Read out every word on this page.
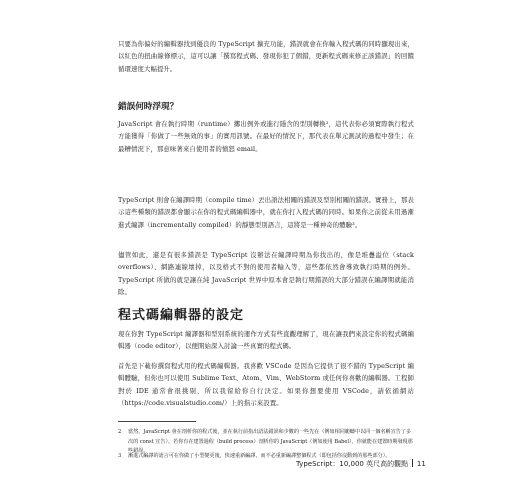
只要為你偏好的編輯器找到優良的 TypeScript 擴充功能，錯誤就會在你輸入程式碼的同時顯現出來，以紅色的扭曲線條標示，這可以讓「撰寫程式碼、發現你犯了個錯，更新程式碼來修正該錯誤」的回饋循環速度大幅提升。

錯誤何時浮現？

JavaScript 會在執行時期（runtime）擲出例外或進行隱含的型別轉換²，這代表你必須實際執行程式方能獲得「你做了一些無效的事」的實用訊號。在最好的情況下，那代表在單元測試的過程中發生；在最糟情況下，那意味著來自使用者的憤怒 email。

TypeScript 則會在編譯時期（compile time）丟出語法相關的錯誤及型別相關的錯誤。實務上，那表示這些種類的錯誤都會顯示在你的程式碼編輯器中，就在你打入程式碼的同時。如果你之前從未用過漸進式編譯（incrementally compiled）的靜態型別語言，這將是一種神奇的體驗³。

儘管如此，還是有很多錯誤是 TypeScript 沒辦法在編譯時期為你找出的，像是堆疊溢位（stack overflows）、網路連線壞掉，以及格式不對的使用者輸入等，這些都依然會導致執行時期的例外。TypeScript 所做的就是讓在純 JavaScript 世界中原本會是執行期錯誤的大部分錯誤在編譯期就能消除。

程式碼編輯器的設定

現在你對 TypeScript 編譯器和型別系統的運作方式有些直觀理解了，現在讓我們來設定你的程式碼編輯器（code editor），以便開始深入討論一些真實的程式碼。

首先是下載你撰寫程式用的程式碼編輯器。我喜歡 VSCode 是因為它提供了很不錯的 TypeScript 編輯體驗，但你也可以使用 Sublime Text、Atom、Vim、WebStorm 或任何你喜歡的編輯器。工程師對於 IDE 通常會很挑剔，所以我留給你自行決定。如果你想要使用 VSCode，請依循網站（https://code.visualstudio.com/）上的指示來設置。

2	當然，JavaScript 會在剖析你的程式後，並在執行前指出語法錯誤和少數的一些先在（例如相同範疇中以同一個名稱宣告了多次的 const 宣告）。若你有在建置過程（build process）剖析你的 JavaScript（例如使用 Babel），你就能在建置時期發現那些錯誤。
3	漸進式編譯的語言可在你做了小型變更後，快速重新編譯，而不必重新編譯整個程式（即包括你沒動到的那些部分）。
TypeScript：10,000 英尺高的觀點 11
